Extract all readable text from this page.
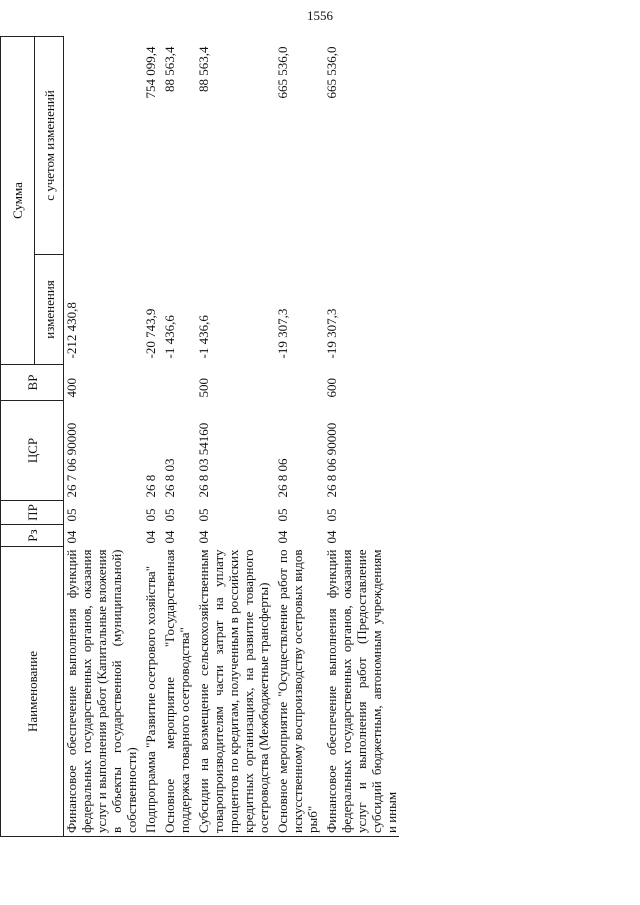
1556
Наименование	Рз	ПР	ЦСР	ВР	Сумма	
					изменения	с учетом изменений
Финансовое обеспечение выполнения функций федеральных государственных органов, оказания услуг и выполнения работ (Капитальные вложения в объекты государственной (муниципальной) собственности)	04	05	26 7 06 90000	400	-212 430,8	

Подпрограмма "Развитие осетрового хозяйства"	04	05	26 8		-20 743,9	754 099,4

Основное мероприятие "Государственная поддержка товарного осетроводства"	04	05	26 8 03		-1 436,6	88 563,4

Субсидии на возмещение сельскохозяйственным товаропроизводителям части затрат на уплату процентов по кредитам, полученным в российских кредитных организациях, на развитие товарного осетроводства (Межбюджетные трансферты)	04	05	26 8 03 54160	500	-1 436,6	88 563,4

Основное мероприятие "Осуществление работ по искусственному воспроизводству осетровых видов рыб"	04	05	26 8 06		-19 307,3	665 536,0

Финансовое обеспечение выполнения функций федеральных государственных органов, оказания услуг и выполнения работ (Предоставление субсидий бюджетным, автономным учреждениям и иным	04	05	26 8 06 90000	600	-19 307,3	665 536,0
